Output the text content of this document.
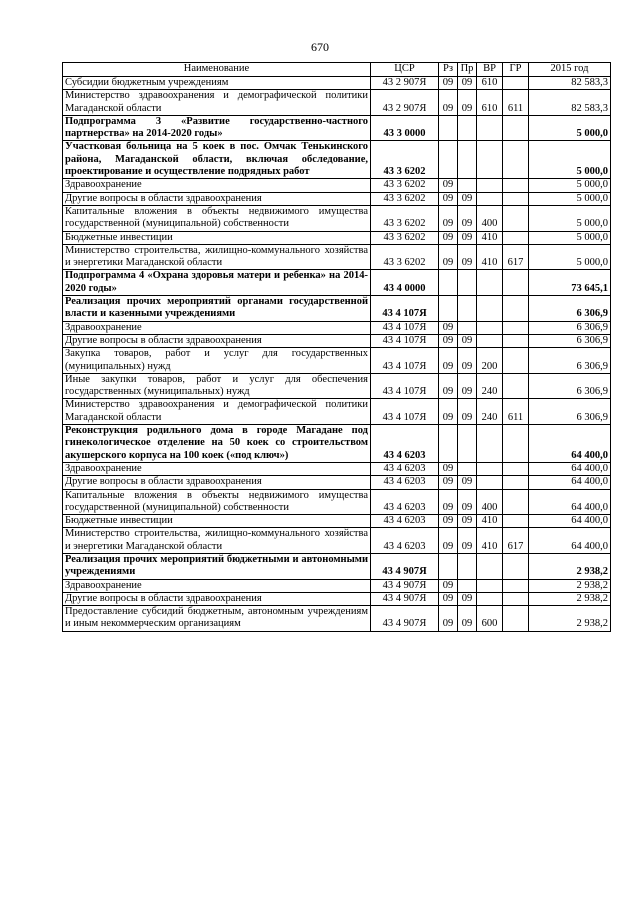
670
Наименование	ЦСР	Рз	Пр	ВР	ГР	2015 год
Субсидии бюджетным учреждениям	43 2 907Я	09	09	610		82 583,3
Министерство здравоохранения и демографической политики Магаданской области	43 2 907Я	09	09	610	611	82 583,3
Подпрограмма 3 «Развитие государственно-частного партнерства» на 2014-2020 годы»	43 3 0000					5 000,0
Участковая больница на 5 коек в пос. Омчак Тенькинского района, Магаданской области, включая обследование, проектирование и осуществление подрядных работ	43 3 6202					5 000,0
Здравоохранение	43 3 6202	09				5 000,0
Другие вопросы в области здравоохранения	43 3 6202	09	09			5 000,0
Капитальные вложения в объекты недвижимого имущества государственной (муниципальной) собственности	43 3 6202	09	09	400		5 000,0
Бюджетные инвестиции	43 3 6202	09	09	410		5 000,0
Министерство строительства, жилищно-коммунального хозяйства и энергетики Магаданской области	43 3 6202	09	09	410	617	5 000,0
Подпрограмма 4 «Охрана здоровья матери и ребенка» на 2014-2020 годы»	43 4 0000					73 645,1
Реализация прочих мероприятий органами государственной власти и казенными учреждениями	43 4 107Я					6 306,9
Здравоохранение	43 4 107Я	09				6 306,9
Другие вопросы в области здравоохранения	43 4 107Я	09	09			6 306,9
Закупка товаров, работ и услуг для государственных (муниципальных) нужд	43 4 107Я	09	09	200		6 306,9
Иные закупки товаров, работ и услуг для обеспечения государственных (муниципальных) нужд	43 4 107Я	09	09	240		6 306,9
Министерство здравоохранения и демографической политики Магаданской области	43 4 107Я	09	09	240	611	6 306,9
Реконструкция родильного дома в городе Магадане под гинекологическое отделение на 50 коек со строительством акушерского корпуса на 100 коек («под ключ»)	43 4 6203					64 400,0
Здравоохранение	43 4 6203	09				64 400,0
Другие вопросы в области здравоохранения	43 4 6203	09	09			64 400,0
Капитальные вложения в объекты недвижимого имущества государственной (муниципальной) собственности	43 4 6203	09	09	400		64 400,0
Бюджетные инвестиции	43 4 6203	09	09	410		64 400,0
Министерство строительства, жилищно-коммунального хозяйства и энергетики Магаданской области	43 4 6203	09	09	410	617	64 400,0
Реализация прочих мероприятий бюджетными и автономными учреждениями	43 4 907Я					2 938,2
Здравоохранение	43 4 907Я	09				2 938,2
Другие вопросы в области здравоохранения	43 4 907Я	09	09			2 938,2
Предоставление субсидий бюджетным, автономным учреждениям и иным некоммерческим организациям	43 4 907Я	09	09	600		2 938,2
